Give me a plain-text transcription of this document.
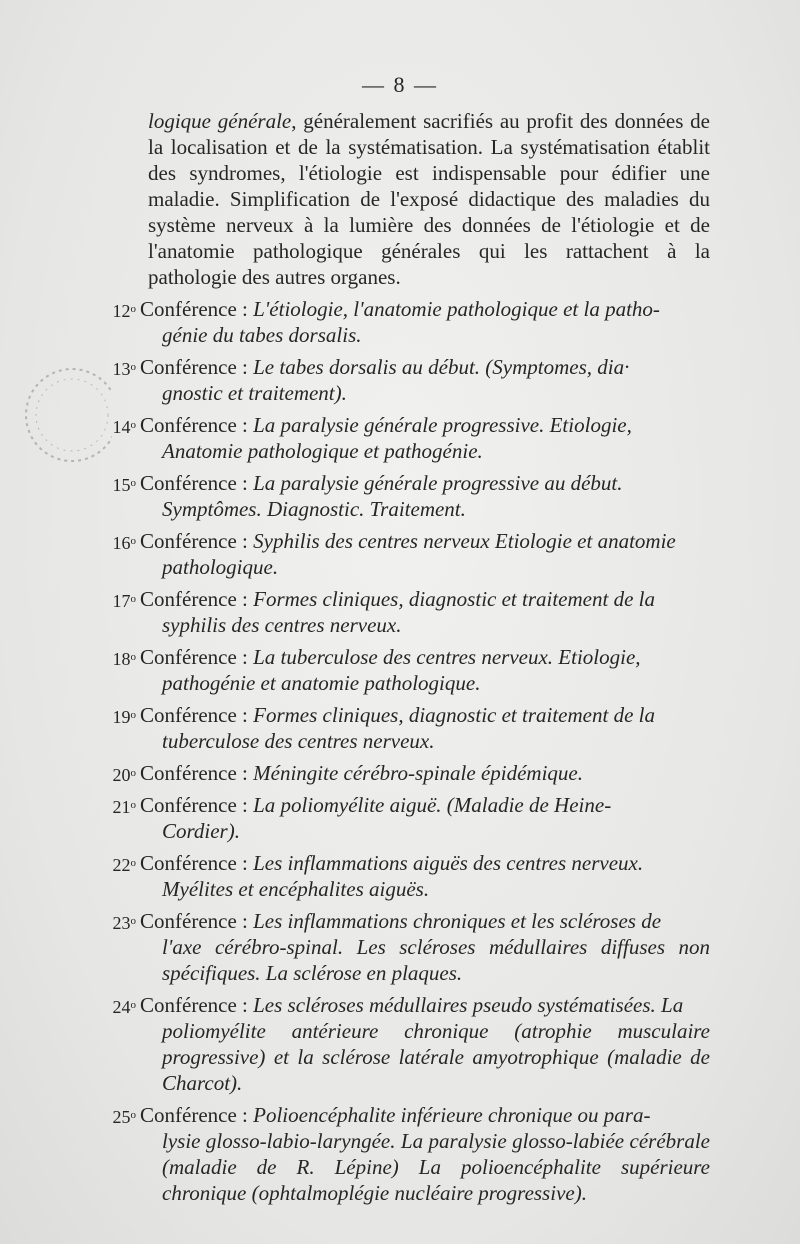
— 8 —

logique générale, généralement sacrifiés au profit des données de la localisation et de la systématisation. La systématisation établit des syndromes, l'étiologie est indispensable pour édifier une maladie. Simplification de l'exposé didactique des maladies du système nerveux à la lumière des données de l'étiologie et de l'anatomie pathologique générales qui les rattachent à la pathologie des autres organes.

12$^o$ Conférence : L'étiologie, l'anatomie pathologique et la patho-
génie du tabes dorsalis.
13$^o$ Conférence : Le tabes dorsalis au début. (Symptomes, dia·
gnostic et traitement).
14$^o$ Conférence : La paralysie générale progressive. Etiologie,
Anatomie pathologique et pathogénie.
15$^o$ Conférence : La paralysie générale progressive au début.
Symptômes. Diagnostic. Traitement.
16$^o$ Conférence : Syphilis des centres nerveux Etiologie et anatomie
pathologique.
17$^o$ Conférence : Formes cliniques, diagnostic et traitement de la
syphilis des centres nerveux.
18$^o$ Conférence : La tuberculose des centres nerveux. Etiologie,
pathogénie et anatomie pathologique.
19$^o$ Conférence : Formes cliniques, diagnostic et traitement de la
tuberculose des centres nerveux.
20$^o$ Conférence : Méningite cérébro-spinale épidémique.
21$^o$ Conférence : La poliomyélite aiguë. (Maladie de Heine-
Cordier).
22$^o$ Conférence : Les inflammations aiguës des centres nerveux.
Myélites et encéphalites aiguës.
23$^o$ Conférence : Les inflammations chroniques et les scléroses de
l'axe cérébro-spinal. Les scléroses médullaires diffuses non spécifiques. La sclérose en plaques.
24$^o$ Conférence : Les scléroses médullaires pseudo systématisées. La
poliomyélite antérieure chronique (atrophie musculaire progressive) et la sclérose latérale amyotrophique (maladie de Charcot).
25$^o$ Conférence : Polioencéphalite inférieure chronique ou para-
lysie glosso-labio-laryngée. La paralysie glosso-labiée cérébrale (maladie de R. Lépine) La polioencéphalite supérieure chronique (ophtalmoplégie nucléaire progressive).
